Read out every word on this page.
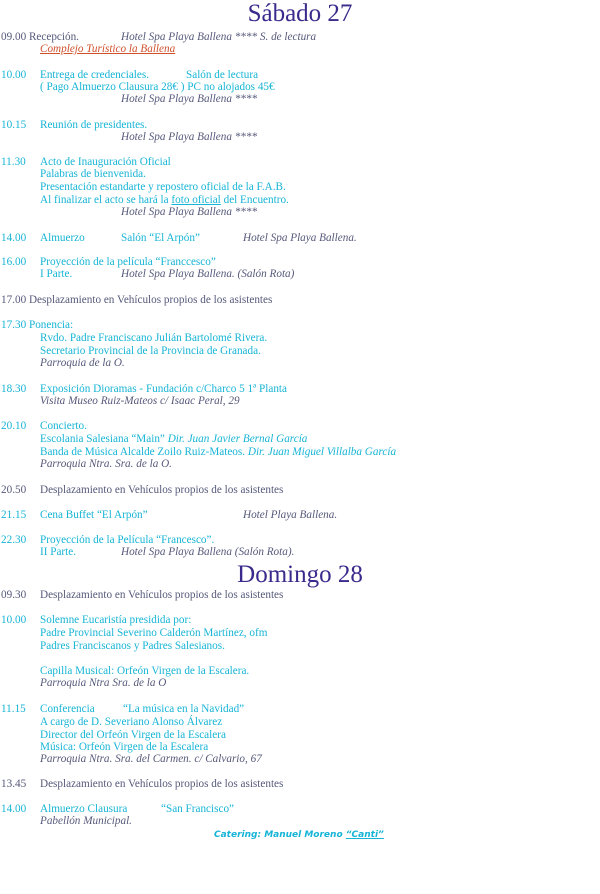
Sábado 27
09.00 Recepción.	Hotel Spa Playa Ballena **** S. de lectura
Complejo Turístico la Ballena
10.00 Entrega de credenciales.	Salón de lectura
( Pago Almuerzo Clausura 28€ ) PC no alojados 45€
Hotel Spa Playa Ballena ****
10.15 Reunión de presidentes.
Hotel Spa Playa Ballena ****
11.30 Acto de Inauguración Oficial
Palabras de bienvenida.
Presentación estandarte y repostero oficial de la F.A.B.
Al finalizar el acto se hará la foto oficial del Encuentro.
Hotel Spa Playa Ballena ****
14.00 Almuerzo	Salón “El Arpón”	Hotel Spa Playa Ballena.
16.00 Proyección de la película “Franccesco”
I Parte.	Hotel Spa Playa Ballena. (Salón Rota)
17.00 Desplazamiento en Vehículos propios de los asistentes
17.30 Ponencia:
Rvdo. Padre Franciscano Julián Bartolomé Rivera.
Secretario Provincial de la Provincia de Granada.
Parroquia de la O.
18.30 Exposición Dioramas - Fundación c/Charco 5 1ª Planta
Visita Museo Ruiz-Mateos c/ Isaac Peral, 29
20.10 Concierto.
Escolania Salesiana “Main” Dir. Juan Javier Bernal García
Banda de Música Alcalde Zoilo Ruiz-Mateos. Dir. Juan Miguel Villalba García
Parroquia Ntra. Sra. de la O.
20.50 Desplazamiento en Vehículos propios de los asistentes
21.15 Cena Buffet “El Arpón”	Hotel Playa Ballena.
22.30 Proyección de la Película “Francesco”.
II Parte.	Hotel Spa Playa Ballena (Salón Rota).
Domingo 28
09.30 Desplazamiento en Vehículos propios de los asistentes
10.00 Solemne Eucaristía presidida por:
Padre Provincial Severino Calderón Martínez, ofm
Padres Franciscanos y Padres Salesianos.
Capilla Musical: Orfeón Virgen de la Escalera.
Parroquia Ntra Sra. de la O
11.15 Conferencia	“La música en la Navidad”
A cargo de D. Severiano Alonso Álvarez
Director del Orfeón Virgen de la Escalera
Música: Orfeón Virgen de la Escalera
Parroquia Ntra. Sra. del Carmen. c/ Calvario, 67
13.45 Desplazamiento en Vehículos propios de los asistentes
14.00 Almuerzo Clausura	“San Francisco”
Pabellón Municipal.
Catering: Manuel Moreno “Canti”
